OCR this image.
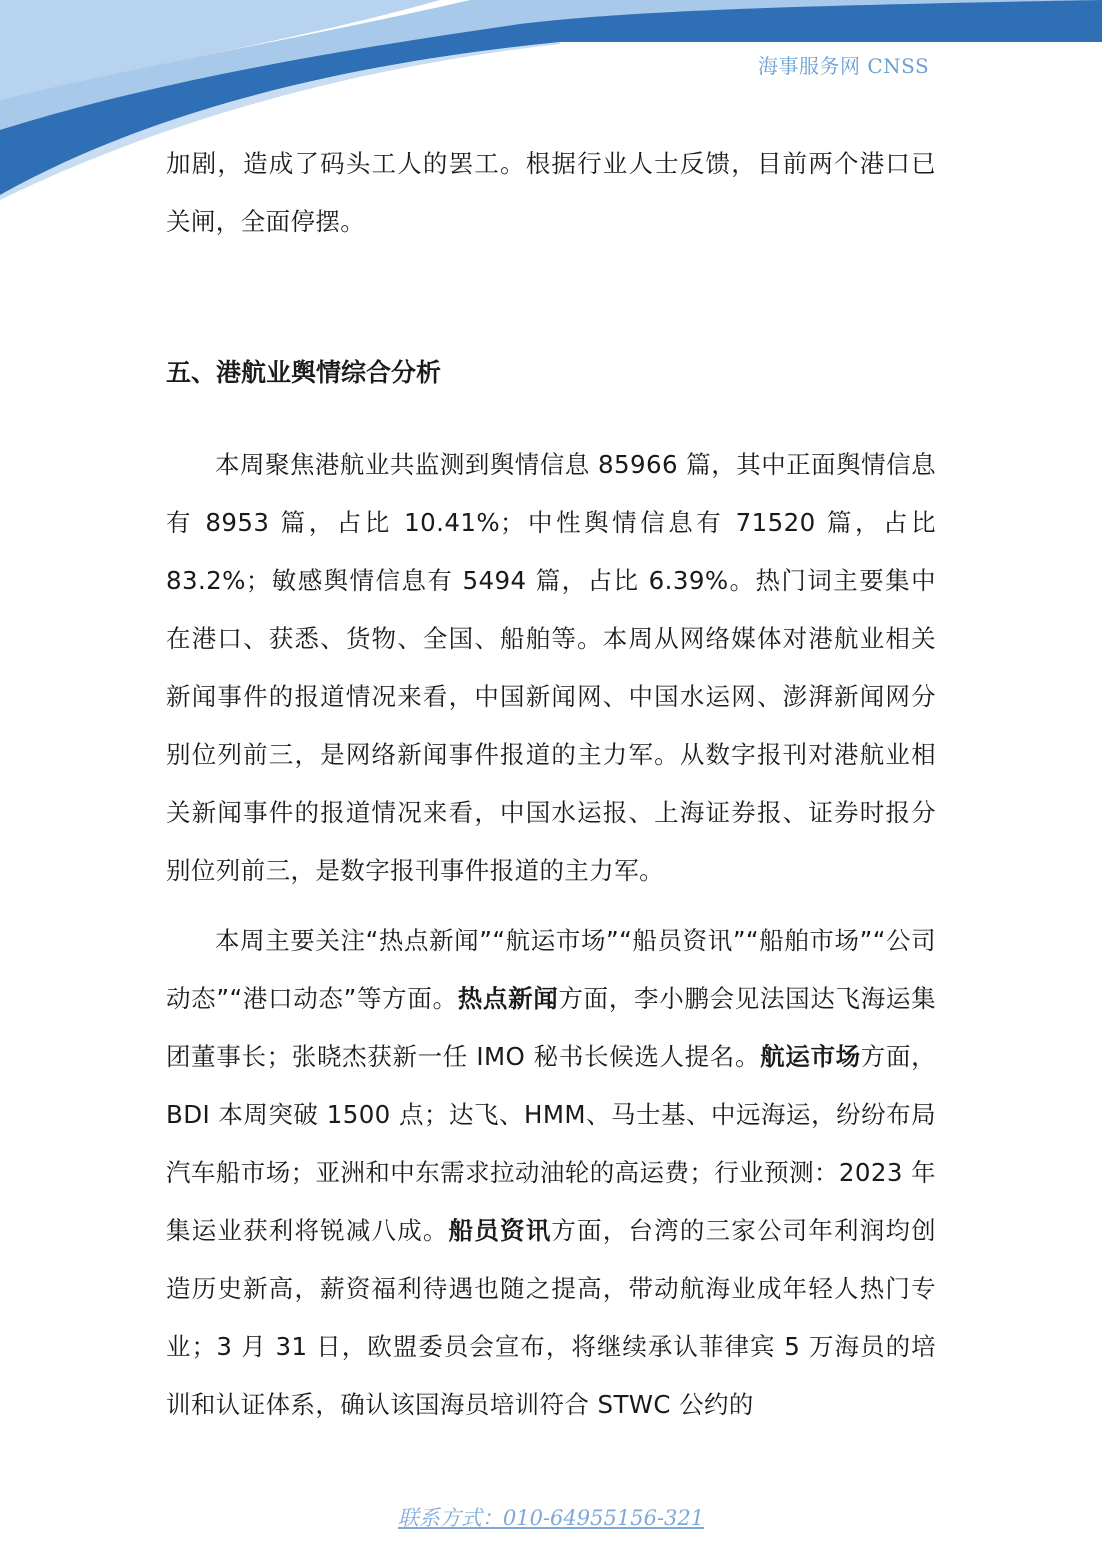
海事服务网 CNSS

加剧，造成了码头工人的罢工。根据行业人士反馈，目前两个港口已关闸，全面停摆。

五、港航业舆情综合分析

本周聚焦港航业共监测到舆情信息 85966 篇，其中正面舆情信息有 8953 篇，占比 10.41%；中性舆情信息有 71520 篇，占比 83.2%；敏感舆情信息有 5494 篇，占比 6.39%。热门词主要集中在港口、获悉、货物、全国、船舶等。本周从网络媒体对港航业相关新闻事件的报道情况来看，中国新闻网、中国水运网、澎湃新闻网分别位列前三，是网络新闻事件报道的主力军。从数字报刊对港航业相关新闻事件的报道情况来看，中国水运报、上海证券报、证券时报分别位列前三，是数字报刊事件报道的主力军。

本周主要关注“热点新闻”“航运市场”“船员资讯”“船舶市场”“公司动态”“港口动态”等方面。热点新闻方面，李小鹏会见法国达飞海运集团董事长；张晓杰获新一任 IMO 秘书长候选人提名。航运市场方面，BDI 本周突破 1500 点；达飞、HMM、马士基、中远海运，纷纷布局汽车船市场；亚洲和中东需求拉动油轮的高运费；行业预测：2023 年集运业获利将锐减八成。船员资讯方面，台湾的三家公司年利润均创造历史新高，薪资福利待遇也随之提高，带动航海业成年轻人热门专业；3 月 31 日，欧盟委员会宣布，将继续承认菲律宾 5 万海员的培训和认证体系，确认该国海员培训符合 STWC 公约的

联系方式：010-64955156-321
